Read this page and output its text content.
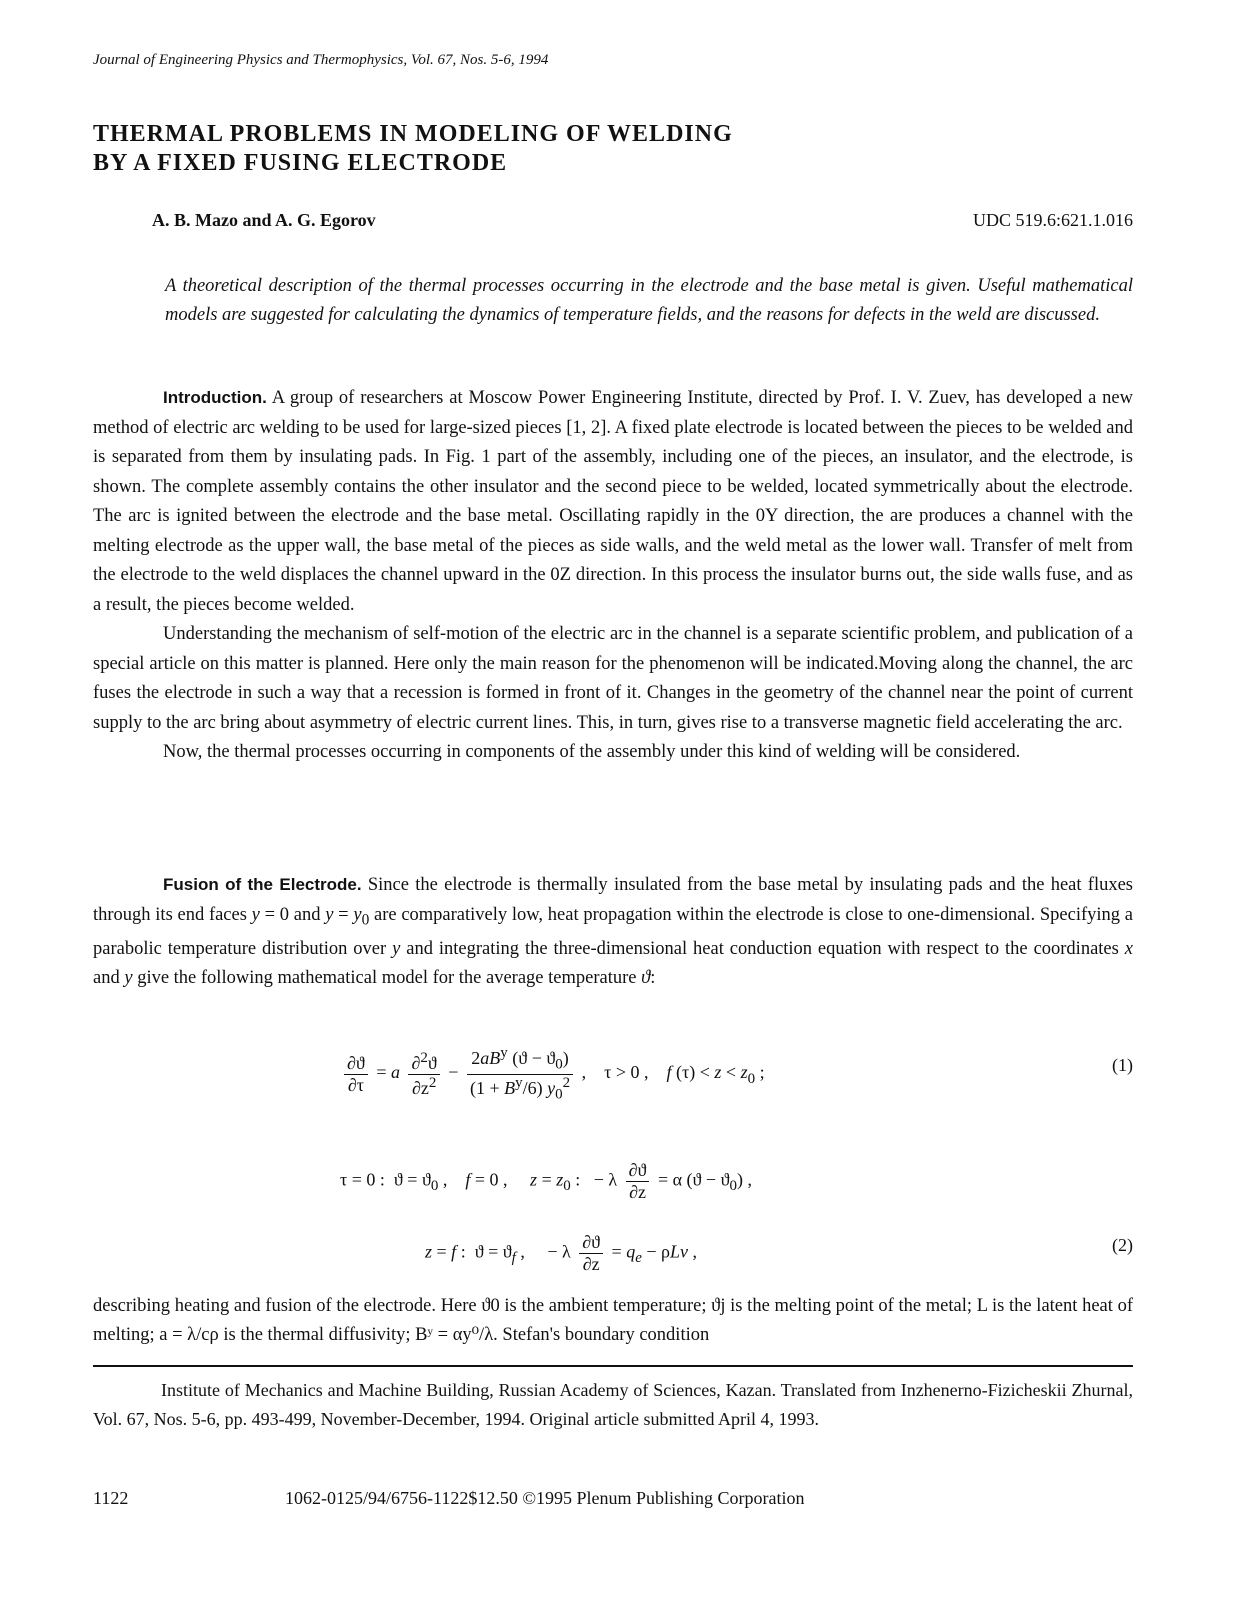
Journal of Engineering Physics and Thermophysics, Vol. 67, Nos. 5-6, 1994
THERMAL PROBLEMS IN MODELING OF WELDING
BY A FIXED FUSING ELECTRODE
A. B. Mazo and A. G. Egorov	UDC 519.6:621.1.016
A theoretical description of the thermal processes occurring in the electrode and the base metal is given. Useful mathematical models are suggested for calculating the dynamics of temperature fields, and the reasons for defects in the weld are discussed.

Introduction. A group of researchers at Moscow Power Engineering Institute, directed by Prof. I. V. Zuev, has developed a new method of electric arc welding to be used for large-sized pieces [1, 2]. A fixed plate electrode is located between the pieces to be welded and is separated from them by insulating pads. In Fig. 1 part of the assembly, including one of the pieces, an insulator, and the electrode, is shown. The complete assembly contains the other insulator and the second piece to be welded, located symmetrically about the electrode. The arc is ignited between the electrode and the base metal. Oscillating rapidly in the 0Y direction, the are produces a channel with the melting electrode as the upper wall, the base metal of the pieces as side walls, and the weld metal as the lower wall. Transfer of melt from the electrode to the weld displaces the channel upward in the 0Z direction. In this process the insulator burns out, the side walls fuse, and as a result, the pieces become welded.

Understanding the mechanism of self-motion of the electric arc in the channel is a separate scientific problem, and publication of a special article on this matter is planned. Here only the main reason for the phenomenon will be indicated.Moving along the channel, the arc fuses the electrode in such a way that a recession is formed in front of it. Changes in the geometry of the channel near the point of current supply to the arc bring about asymmetry of electric current lines. This, in turn, gives rise to a transverse magnetic field accelerating the arc.

Now, the thermal processes occurring in components of the assembly under this kind of welding will be considered.

Fusion of the Electrode. Since the electrode is thermally insulated from the base metal by insulating pads and the heat fluxes through its end faces y = 0 and $y = y_0$ are comparatively low, heat propagation within the electrode is close to one-dimensional. Specifying a parabolic temperature distribution over y and integrating the three-dimensional heat conduction equation with respect to the coordinates x and y give the following mathematical model for the average temperature ϑ:

$\frac{\partial ϑ}{\partial\tau} = a \frac{\partial^2ϑ}{\partial z^2} - \frac{2aB^y (ϑ - ϑ_0)}{(1 + B^y/6) y_0^2}$ ,    τ > 0 ,    f $(\tau) < z < z_0$ ;	(1)
τ = 0 :  $ϑ = ϑ_0$ ,    f = 0 ,     $z = z_0$ :   − λ $\frac{\partial ϑ}{\partial z} = \alpha$ $(ϑ - ϑ_0)$ ,
z = f :  $ϑ = ϑ_f$ ,     − λ $\frac{\partial ϑ}{\partial z} = q_e - \rho Lv$ ,	(2)
describing heating and fusion of the electrode. Here ϑ0 is the ambient temperature; ϑj is the melting point of the metal; L is the latent heat of melting; a = λ/cρ is the thermal diffusivity; Bʸ = αy⁰/λ. Stefan's boundary condition
Institute of Mechanics and Machine Building, Russian Academy of Sciences, Kazan. Translated from Inzhenerno-Fizicheskii Zhurnal, Vol. 67, Nos. 5-6, pp. 493-499, November-December, 1994. Original article submitted April 4, 1993.
1122	1062-0125/94/6756-1122$12.50 ©1995 Plenum Publishing Corporation
